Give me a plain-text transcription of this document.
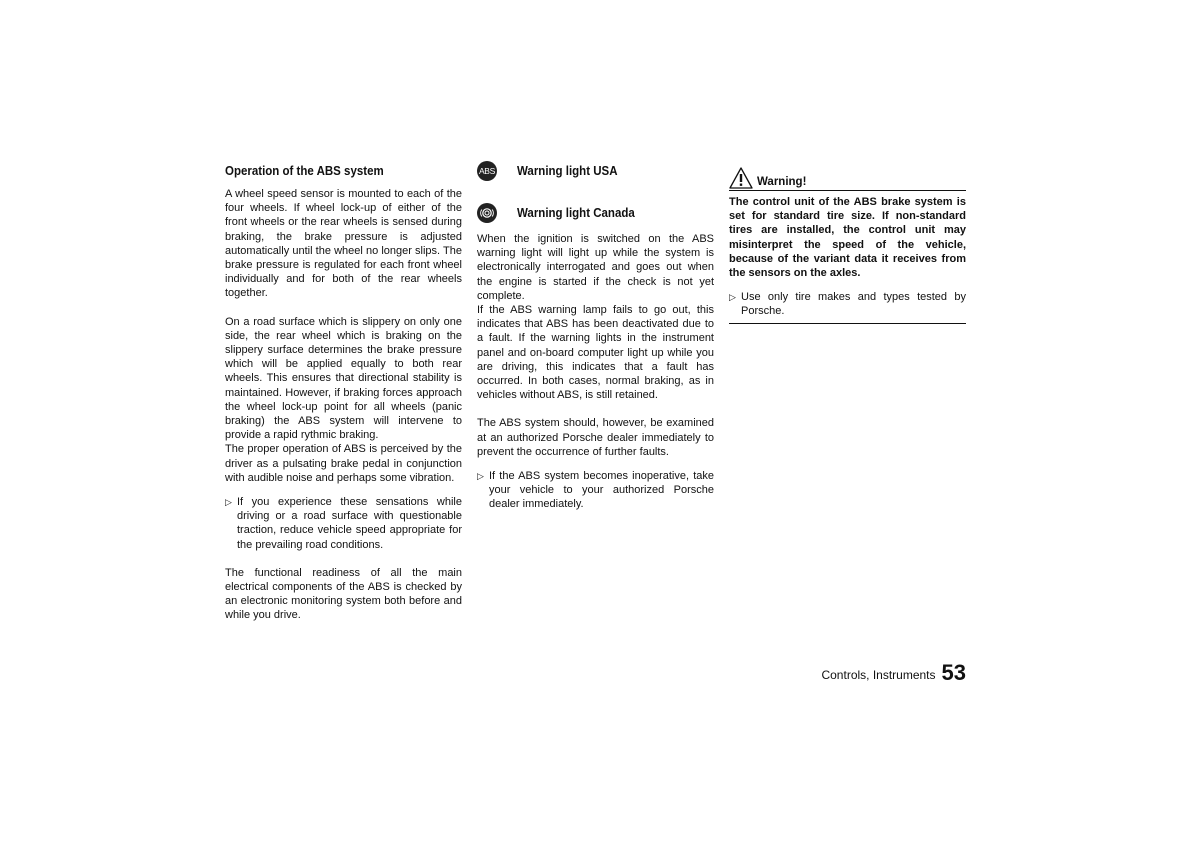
Operation of the ABS system

A wheel speed sensor is mounted to each of the four wheels. If wheel lock-up of either of the front wheels or the rear wheels is sensed during braking, the brake pressure is adjusted automatically until the wheel no longer slips. The brake pressure is regulated for each front wheel individually and for both of the rear wheels together.

On a road surface which is slippery on only one side, the rear wheel which is braking on the slippery surface determines the brake pressure which will be applied equally to both rear wheels. This ensures that directional stability is maintained. However, if braking forces approach the wheel lock-up point for all wheels (panic braking) the ABS system will intervene to provide a rapid rythmic braking.

The proper operation of ABS is perceived by the driver as a pulsating brake pedal in conjunction with audible noise and perhaps some vibration.

▷ If you experience these sensations while driving or a road surface with questionable traction, reduce vehicle speed appropriate for the prevailing road conditions.

The functional readiness of all the main electrical components of the ABS is checked by an electronic monitoring system both before and while you drive.

ABS Warning light USA
Warning light Canada

When the ignition is switched on the ABS warning light will light up while the system is electronically interrogated and goes out when the engine is started if the check is not yet complete.

If the ABS warning lamp fails to go out, this indicates that ABS has been deactivated due to a fault. If the warning lights in the instrument panel and on-board computer light up while you are driving, this indicates that a fault has occurred. In both cases, normal braking, as in vehicles without ABS, is still retained.

The ABS system should, however, be examined at an authorized Porsche dealer immediately to prevent the occurrence of further faults.

▷ If the ABS system becomes inoperative, take your vehicle to your authorized Porsche dealer immediately.
Warning!

The control unit of the ABS brake system is set for standard tire size. If non-standard tires are installed, the control unit may misinterpret the speed of the vehicle, because of the variant data it receives from the sensors on the axles.

▷ Use only tire makes and types tested by Porsche.
Controls, Instruments 53
